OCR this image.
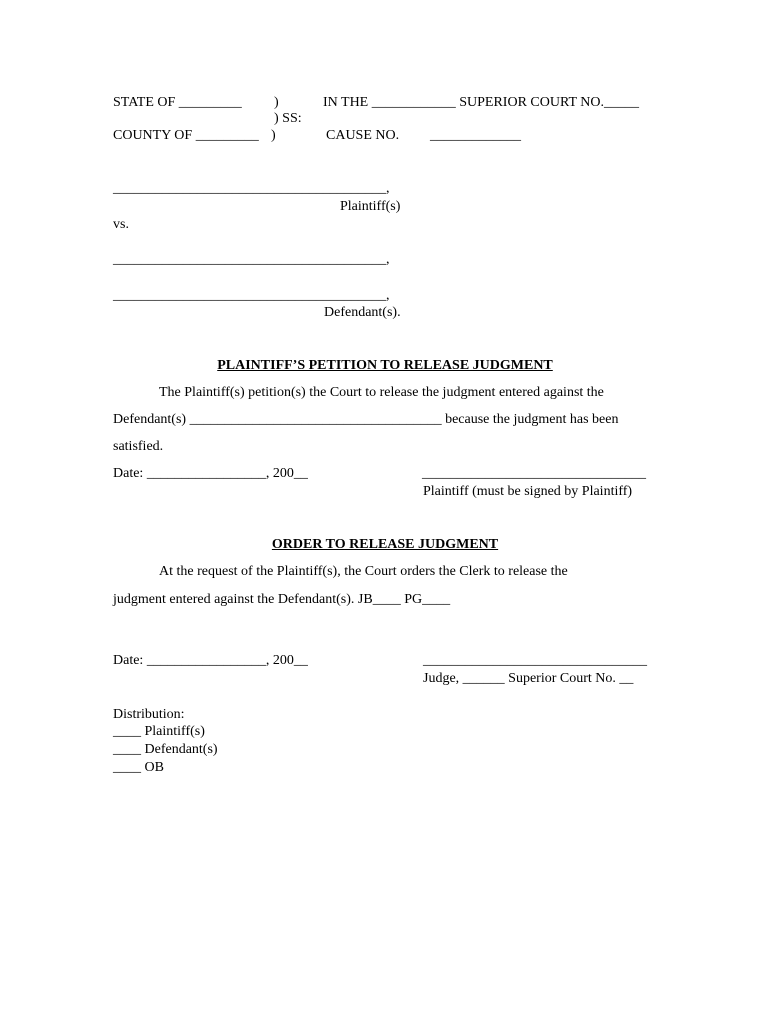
STATE OF _________ )	IN THE ____________ SUPERIOR COURT NO._____
) SS:
COUNTY OF _________ )	CAUSE NO. _____________
_______________________________________,
Plaintiff(s)
vs.
_______________________________________,
_______________________________________,
Defendant(s).
PLAINTIFF’S PETITION TO RELEASE JUDGMENT
The Plaintiff(s) petition(s) the Court to release the judgment entered against the
Defendant(s) ____________________________________ because the judgment has been
satisfied.
Date: _________________, 200__	________________________________
Plaintiff (must be signed by Plaintiff)
ORDER TO RELEASE JUDGMENT
At the request of the Plaintiff(s), the Court orders the Clerk to release the
judgment entered against the Defendant(s). JB____ PG____
Date: _________________, 200__	________________________________
Judge, ______ Superior Court No. __
Distribution:
____ Plaintiff(s)
____ Defendant(s)
____ OB
